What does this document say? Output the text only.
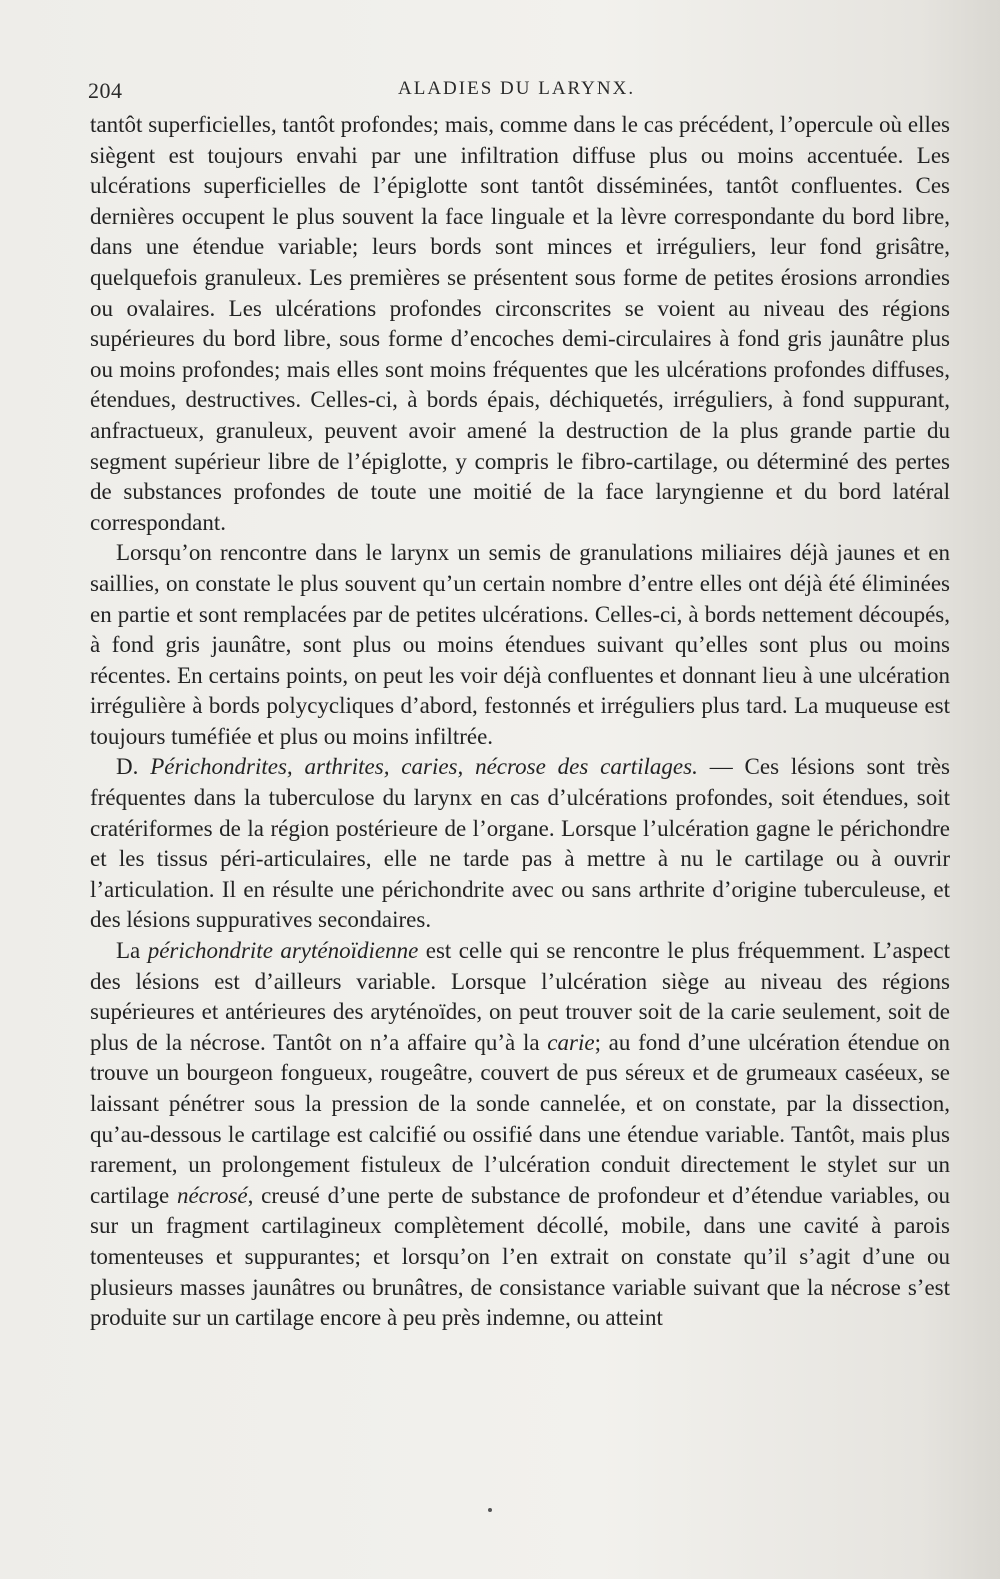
204	ALADIES DU LARYNX.

tantôt superficielles, tantôt profondes; mais, comme dans le cas précédent, l’opercule où elles siègent est toujours envahi par une infiltration diffuse plus ou moins accentuée. Les ulcérations superficielles de l’épiglotte sont tantôt disséminées, tantôt confluentes. Ces dernières occupent le plus souvent la face linguale et la lèvre correspondante du bord libre, dans une étendue variable; leurs bords sont minces et irréguliers, leur fond grisâtre, quelquefois granuleux. Les premières se présentent sous forme de petites érosions arrondies ou ovalaires. Les ulcérations profondes circonscrites se voient au niveau des régions supérieures du bord libre, sous forme d’encoches demi-circulaires à fond gris jaunâtre plus ou moins profondes; mais elles sont moins fréquentes que les ulcérations profondes diffuses, étendues, destructives. Celles-ci, à bords épais, déchiquetés, irréguliers, à fond suppurant, anfractueux, granuleux, peuvent avoir amené la destruction de la plus grande partie du segment supérieur libre de l’épiglotte, y compris le fibro-cartilage, ou déterminé des pertes de substances profondes de toute une moitié de la face laryngienne et du bord latéral correspondant.

Lorsqu’on rencontre dans le larynx un semis de granulations miliaires déjà jaunes et en saillies, on constate le plus souvent qu’un certain nombre d’entre elles ont déjà été éliminées en partie et sont remplacées par de petites ulcérations. Celles-ci, à bords nettement découpés, à fond gris jaunâtre, sont plus ou moins étendues suivant qu’elles sont plus ou moins récentes. En certains points, on peut les voir déjà confluentes et donnant lieu à une ulcération irrégulière à bords polycycliques d’abord, festonnés et irréguliers plus tard. La muqueuse est toujours tuméfiée et plus ou moins infiltrée.

D. Périchondrites, arthrites, caries, nécrose des cartilages. — Ces lésions sont très fréquentes dans la tuberculose du larynx en cas d’ulcérations profondes, soit étendues, soit cratériformes de la région postérieure de l’organe. Lorsque l’ulcération gagne le périchondre et les tissus péri-articulaires, elle ne tarde pas à mettre à nu le cartilage ou à ouvrir l’articulation. Il en résulte une périchondrite avec ou sans arthrite d’origine tuberculeuse, et des lésions suppuratives secondaires.

La périchondrite aryténoïdienne est celle qui se rencontre le plus fréquemment. L’aspect des lésions est d’ailleurs variable. Lorsque l’ulcération siège au niveau des régions supérieures et antérieures des aryténoïdes, on peut trouver soit de la carie seulement, soit de plus de la nécrose. Tantôt on n’a affaire qu’à la carie; au fond d’une ulcération étendue on trouve un bourgeon fongueux, rougeâtre, couvert de pus séreux et de grumeaux caséeux, se laissant pénétrer sous la pression de la sonde cannelée, et on constate, par la dissection, qu’au-dessous le cartilage est calcifié ou ossifié dans une étendue variable. Tantôt, mais plus rarement, un prolongement fistuleux de l’ulcération conduit directement le stylet sur un cartilage nécrosé, creusé d’une perte de substance de profondeur et d’étendue variables, ou sur un fragment cartilagineux complètement décollé, mobile, dans une cavité à parois tomenteuses et suppurantes; et lorsqu’on l’en extrait on constate qu’il s’agit d’une ou plusieurs masses jaunâtres ou brunâtres, de consistance variable suivant que la nécrose s’est produite sur un cartilage encore à peu près indemne, ou atteint
